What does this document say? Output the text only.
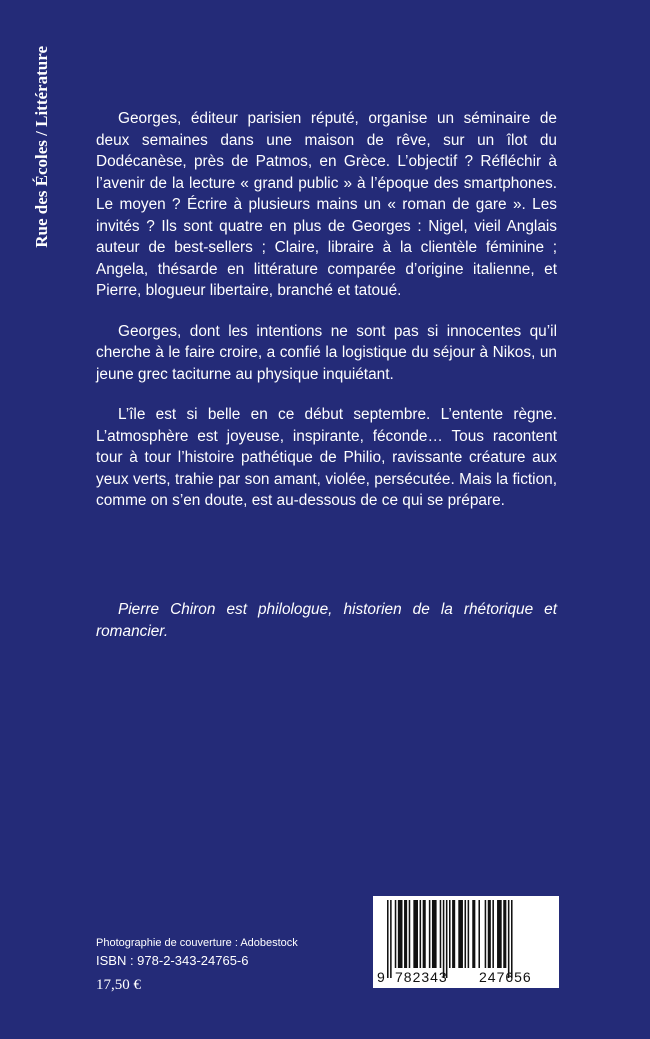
Rue des Écoles / Littérature	Georges, éditeur parisien réputé, organise un séminaire de deux semaines dans une maison de rêve, sur un îlot du Dodécanèse, près de Patmos, en Grèce. L’objectif ? Réfléchir à l’avenir de la lecture « grand public » à l’époque des smartphones. Le moyen ? Écrire à plusieurs mains un « roman de gare ». Les invités ? Ils sont quatre en plus de Georges : Nigel, vieil Anglais auteur de best-sellers ; Claire, libraire à la clientèle féminine ; Angela, thésarde en littérature comparée d’origine italienne, et Pierre, blogueur libertaire, branché et tatoué.

Georges, dont les intentions ne sont pas si innocentes qu’il cherche à le faire croire, a confié la logistique du séjour à Nikos, un jeune grec taciturne au physique inquiétant.

L’île est si belle en ce début septembre. L’entente règne. L’atmosphère est joyeuse, inspirante, féconde… Tous racontent tour à tour l’histoire pathétique de Philio, ravissante créature aux yeux verts, trahie par son amant, violée, persécutée. Mais la fiction, comme on s’en doute, est au-dessous de ce qui se prépare.

Pierre Chiron est philologue, historien de la rhétorique et romancier.

Photographie de couverture : Adobestock
ISBN : 978-2-343-24765-6
17,50 €	9 782343 247656
